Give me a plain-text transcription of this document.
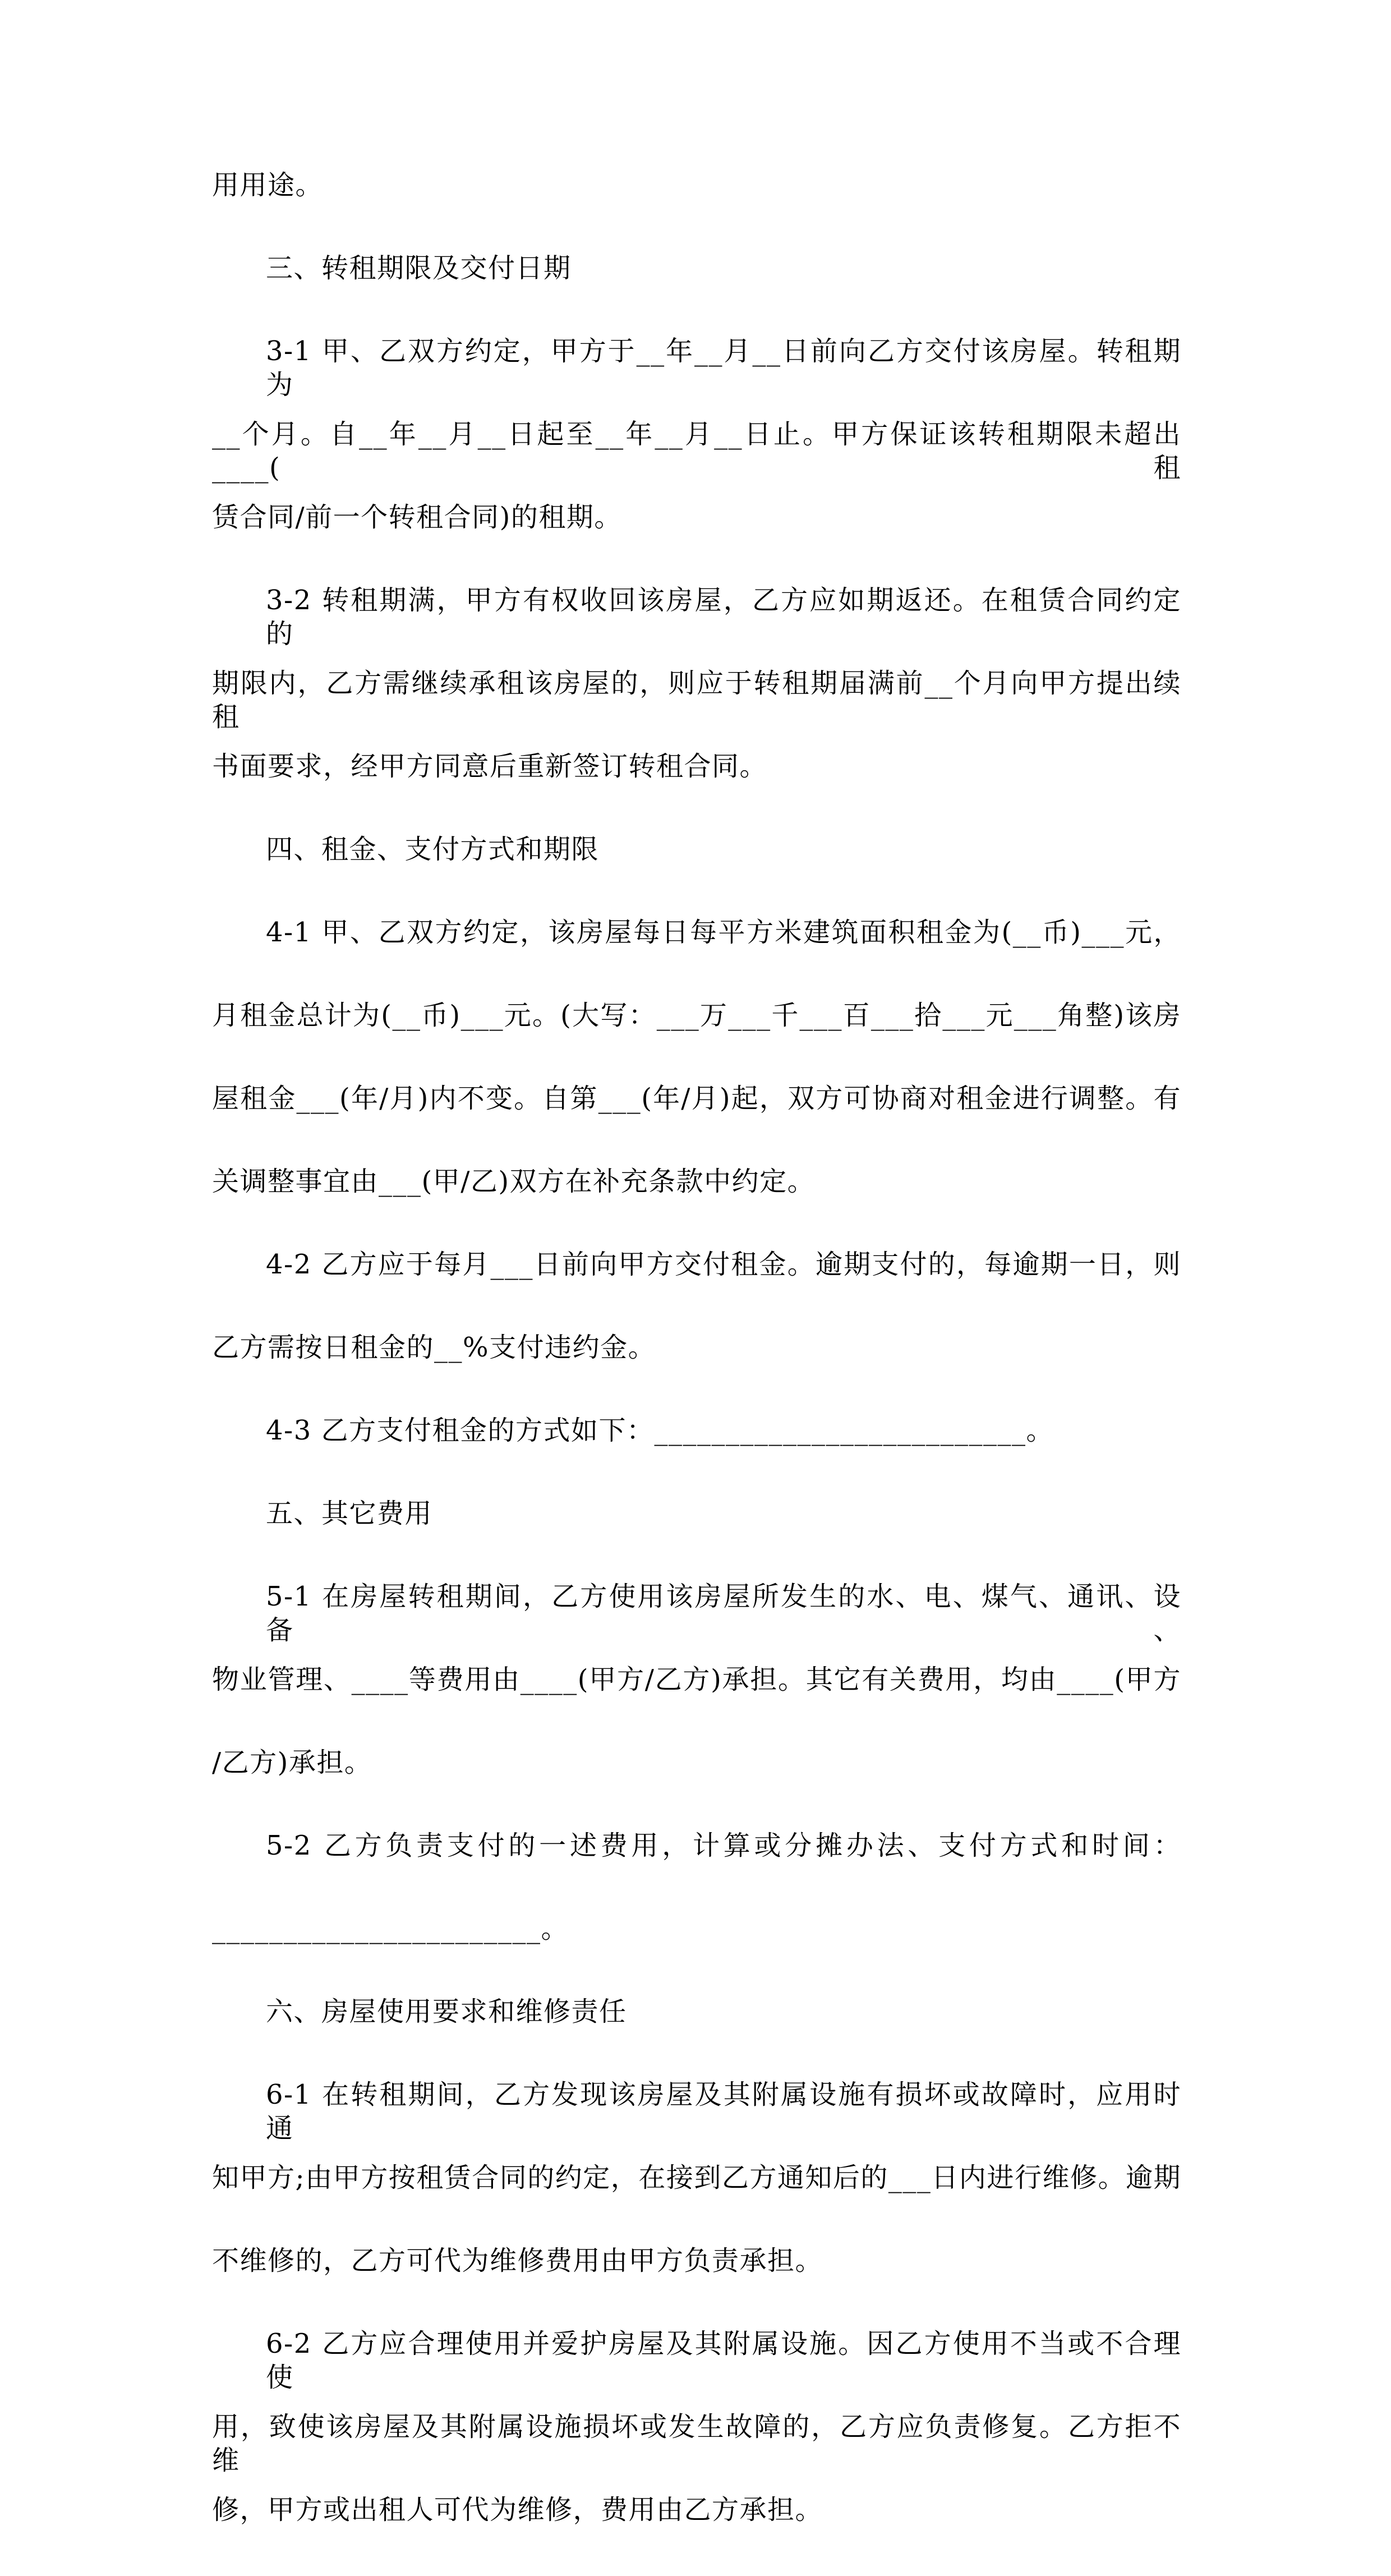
用用途。
三、转租期限及交付日期
3-1 甲、乙双方约定，甲方于__年__月__日前向乙方交付该房屋。转租期为
__个月。自__年__月__日起至__年__月__日止。甲方保证该转租期限未超出____(租
赁合同/前一个转租合同)的租期。
3-2 转租期满，甲方有权收回该房屋，乙方应如期返还。在租赁合同约定的
期限内，乙方需继续承租该房屋的，则应于转租期届满前__个月向甲方提出续租
书面要求，经甲方同意后重新签订转租合同。
四、租金、支付方式和期限
4-1 甲、乙双方约定，该房屋每日每平方米建筑面积租金为(__币)___元，
月租金总计为(__币)___元。(大写：___万___千___百___拾___元___角整)该房
屋租金___(年/月)内不变。自第___(年/月)起，双方可协商对租金进行调整。有
关调整事宜由___(甲/乙)双方在补充条款中约定。
4-2 乙方应于每月___日前向甲方交付租金。逾期支付的，每逾期一日，则
乙方需按日租金的__%支付违约金。
4-3 乙方支付租金的方式如下：__________________________。
五、其它费用
5-1 在房屋转租期间，乙方使用该房屋所发生的水、电、煤气、通讯、设备、
物业管理、____等费用由____(甲方/乙方)承担。其它有关费用，均由____(甲方
/乙方)承担。
5-2 乙方负责支付的一述费用，计算或分摊办法、支付方式和时间：
_______________________。
六、房屋使用要求和维修责任
6-1 在转租期间，乙方发现该房屋及其附属设施有损坏或故障时，应用时通
知甲方;由甲方按租赁合同的约定，在接到乙方通知后的___日内进行维修。逾期
不维修的，乙方可代为维修费用由甲方负责承担。
6-2 乙方应合理使用并爱护房屋及其附属设施。因乙方使用不当或不合理使
用，致使该房屋及其附属设施损坏或发生故障的，乙方应负责修复。乙方拒不维
修，甲方或出租人可代为维修，费用由乙方承担。
